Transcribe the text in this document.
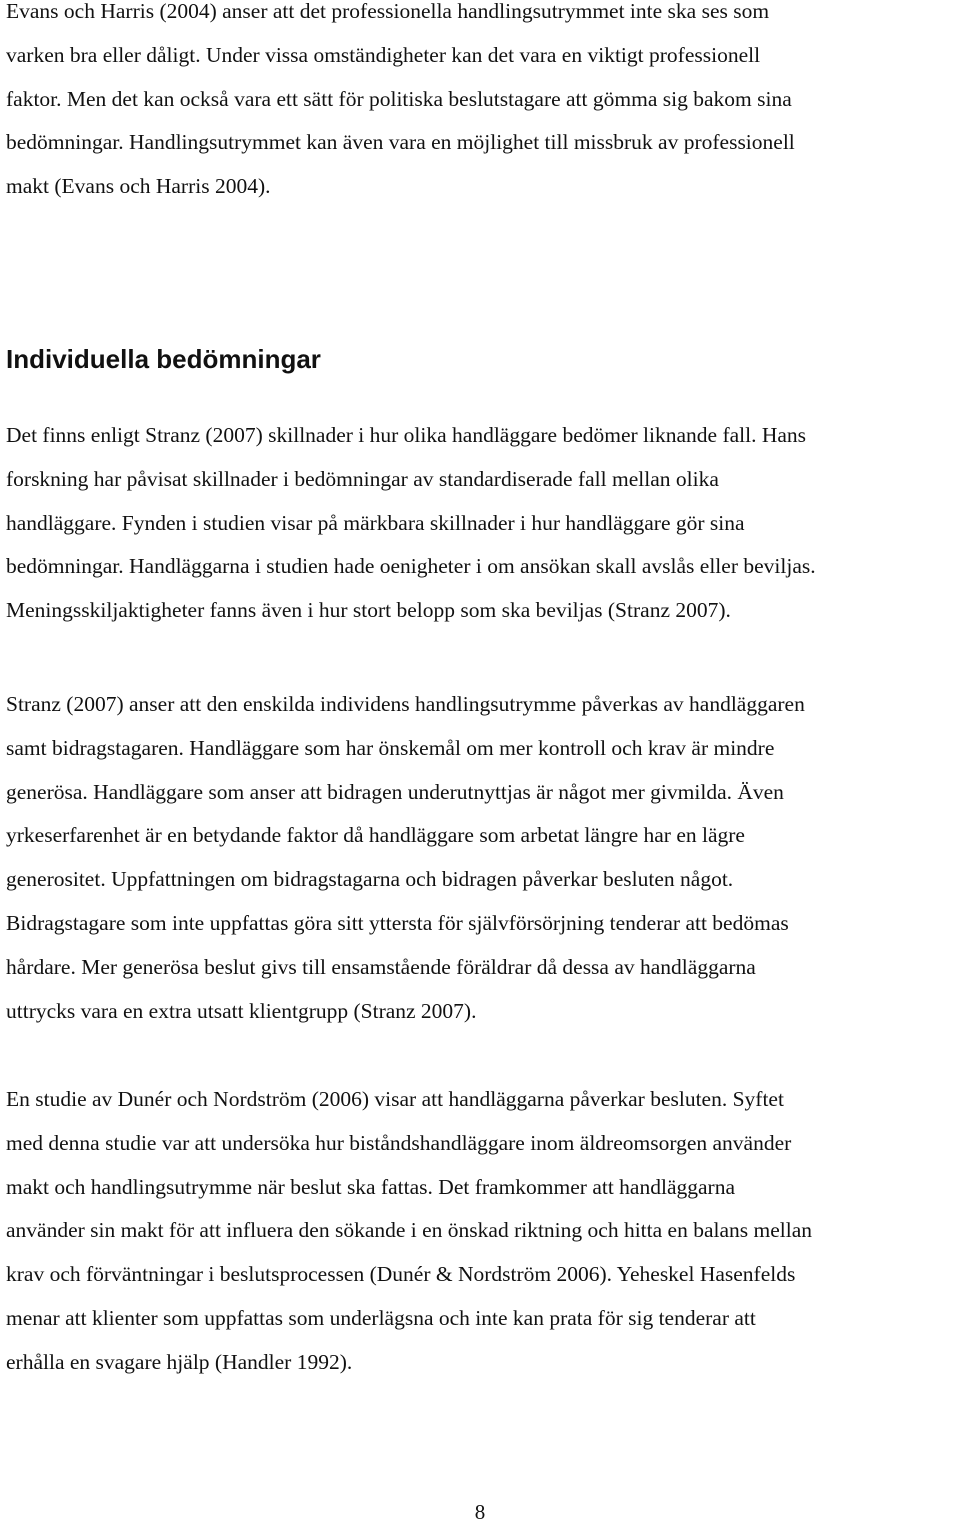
Evans och Harris (2004) anser att det professionella handlingsutrymmet inte ska ses som
varken bra eller dåligt. Under vissa omständigheter kan det vara en viktigt professionell
faktor. Men det kan också vara ett sätt för politiska beslutstagare att gömma sig bakom sina
bedömningar. Handlingsutrymmet kan även vara en möjlighet till missbruk av professionell
makt (Evans och Harris 2004).

Individuella bedömningar

Det finns enligt Stranz (2007) skillnader i hur olika handläggare bedömer liknande fall. Hans
forskning har påvisat skillnader i bedömningar av standardiserade fall mellan olika
handläggare. Fynden i studien visar på märkbara skillnader i hur handläggare gör sina
bedömningar. Handläggarna i studien hade oenigheter i om ansökan skall avslås eller beviljas.
Meningsskiljaktigheter fanns även i hur stort belopp som ska beviljas (Stranz 2007).

Stranz (2007) anser att den enskilda individens handlingsutrymme påverkas av handläggaren
samt bidragstagaren. Handläggare som har önskemål om mer kontroll och krav är mindre
generösa. Handläggare som anser att bidragen underutnyttjas är något mer givmilda. Även
yrkeserfarenhet är en betydande faktor då handläggare som arbetat längre har en lägre
generositet. Uppfattningen om bidragstagarna och bidragen påverkar besluten något.
Bidragstagare som inte uppfattas göra sitt yttersta för självförsörjning tenderar att bedömas
hårdare. Mer generösa beslut givs till ensamstående föräldrar då dessa av handläggarna
uttrycks vara en extra utsatt klientgrupp (Stranz 2007).

En studie av Dunér och Nordström (2006) visar att handläggarna påverkar besluten. Syftet
med denna studie var att undersöka hur biståndshandläggare inom äldreomsorgen använder
makt och handlingsutrymme när beslut ska fattas. Det framkommer att handläggarna
använder sin makt för att influera den sökande i en önskad riktning och hitta en balans mellan
krav och förväntningar i beslutsprocessen (Dunér & Nordström 2006). Yeheskel Hasenfelds
menar att klienter som uppfattas som underlägsna och inte kan prata för sig tenderar att
erhålla en svagare hjälp (Handler 1992).

8
